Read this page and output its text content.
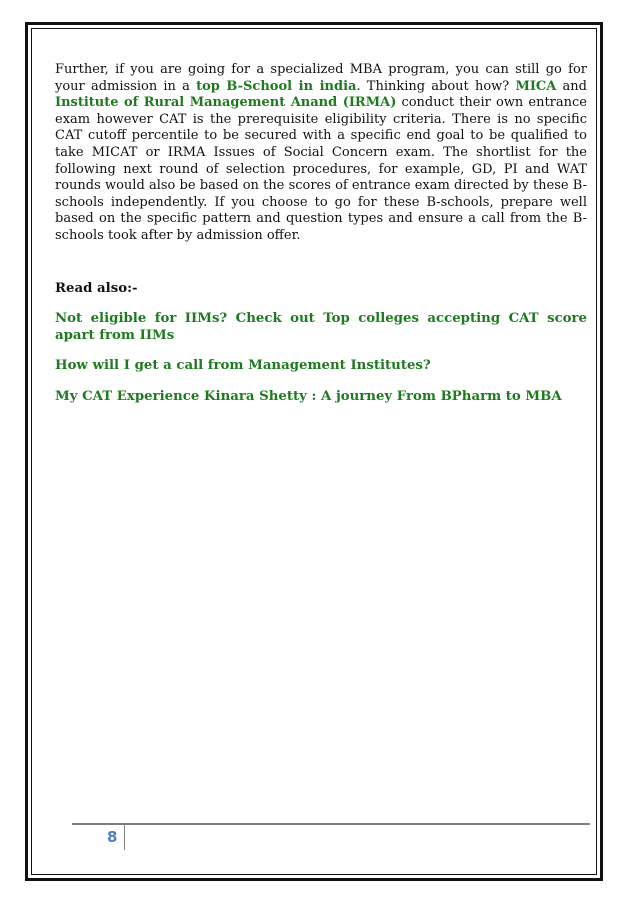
Further, if you are going for a specialized MBA program, you can still go for your admission in a top B-School in india. Thinking about how? MICA and Institute of Rural Management Anand (IRMA) conduct their own entrance exam however CAT is the prerequisite eligibility criteria. There is no specific CAT cutoff percentile to be secured with a specific end goal to be qualified to take MICAT or IRMA Issues of Social Concern exam. The shortlist for the following next round of selection procedures, for example, GD, PI and WAT rounds would also be based on the scores of entrance exam directed by these B-schools independently. If you choose to go for these B-schools, prepare well based on the specific pattern and question types and ensure a call from the B-schools took after by admission offer.

Read also:-

Not eligible for IIMs? Check out Top colleges accepting CAT score apart from IIMs
How will I get a call from Management Institutes?
My CAT Experience Kinara Shetty : A journey From BPharm to MBA
8
